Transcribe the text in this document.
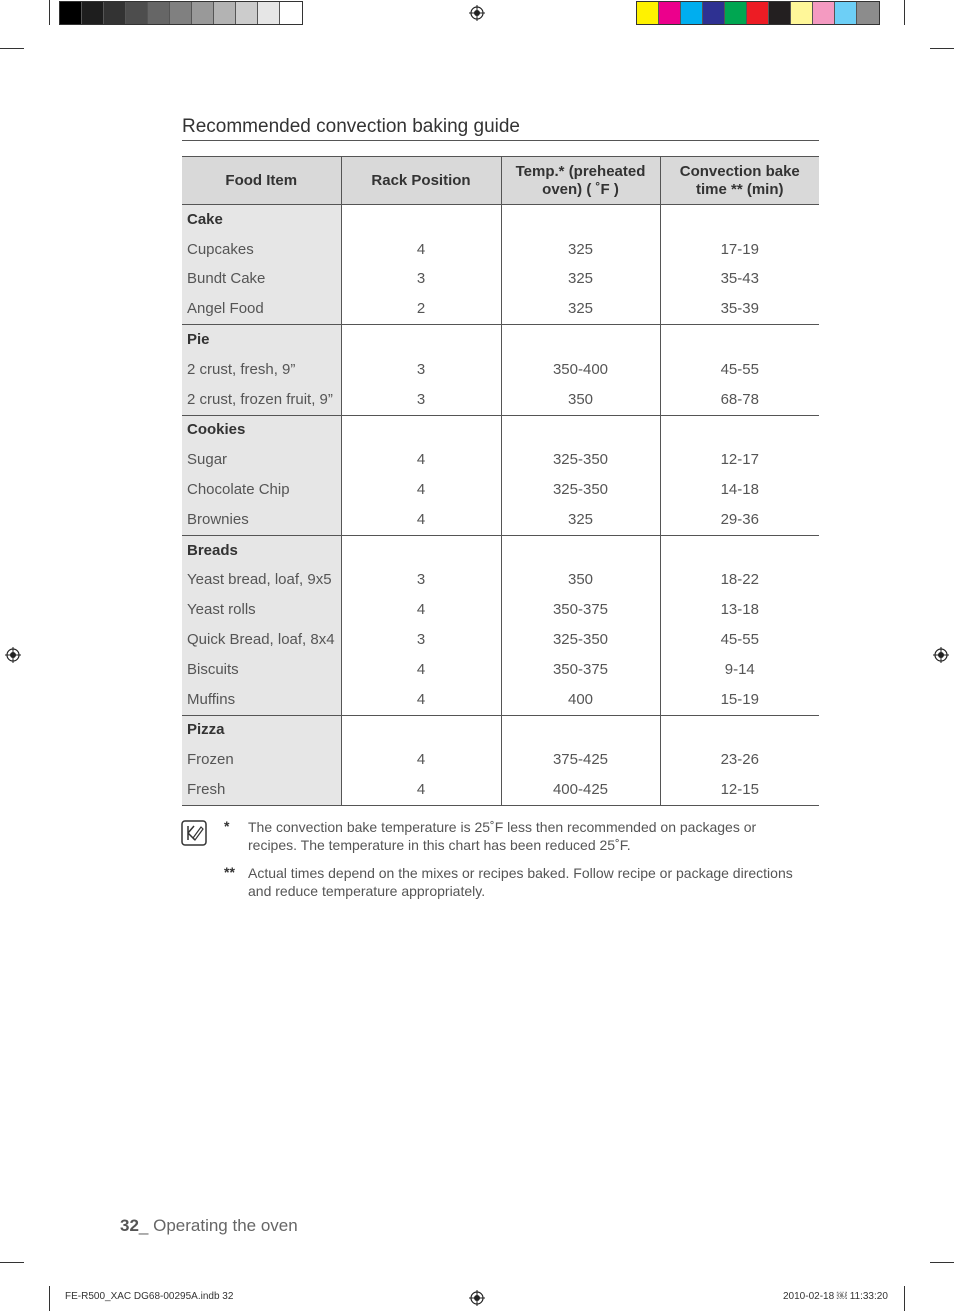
Recommended convection baking guide
Food Item	Rack Position	Temp.* (preheated oven) ( ˚F )	Convection bake time ** (min)
Cake			
Cupcakes	4	325	17-19
Bundt Cake	3	325	35-43
Angel Food	2	325	35-39
Pie			
2 crust, fresh, 9”	3	350-400	45-55
2 crust, frozen fruit, 9”	3	350	68-78
Cookies			
Sugar	4	325-350	12-17
Chocolate Chip	4	325-350	14-18
Brownies	4	325	29-36
Breads			
Yeast bread, loaf, 9x5	3	350	18-22
Yeast rolls	4	350-375	13-18
Quick Bread, loaf, 8x4	3	325-350	45-55
Biscuits	4	350-375	9-14
Muffins	4	400	15-19
Pizza			
Frozen	4	375-425	23-26
Fresh	4	400-425	12-15
* The convection bake temperature is 25˚F less then recommended on packages or recipes. The temperature in this chart has been reduced 25˚F.
** Actual times depend on the mixes or recipes baked. Follow recipe or package directions and reduce temperature appropriately.
32_ Operating the oven
FE-R500_XAC DG68-00295A.indb 32	2010-02-18 ￼ 11:33:20
